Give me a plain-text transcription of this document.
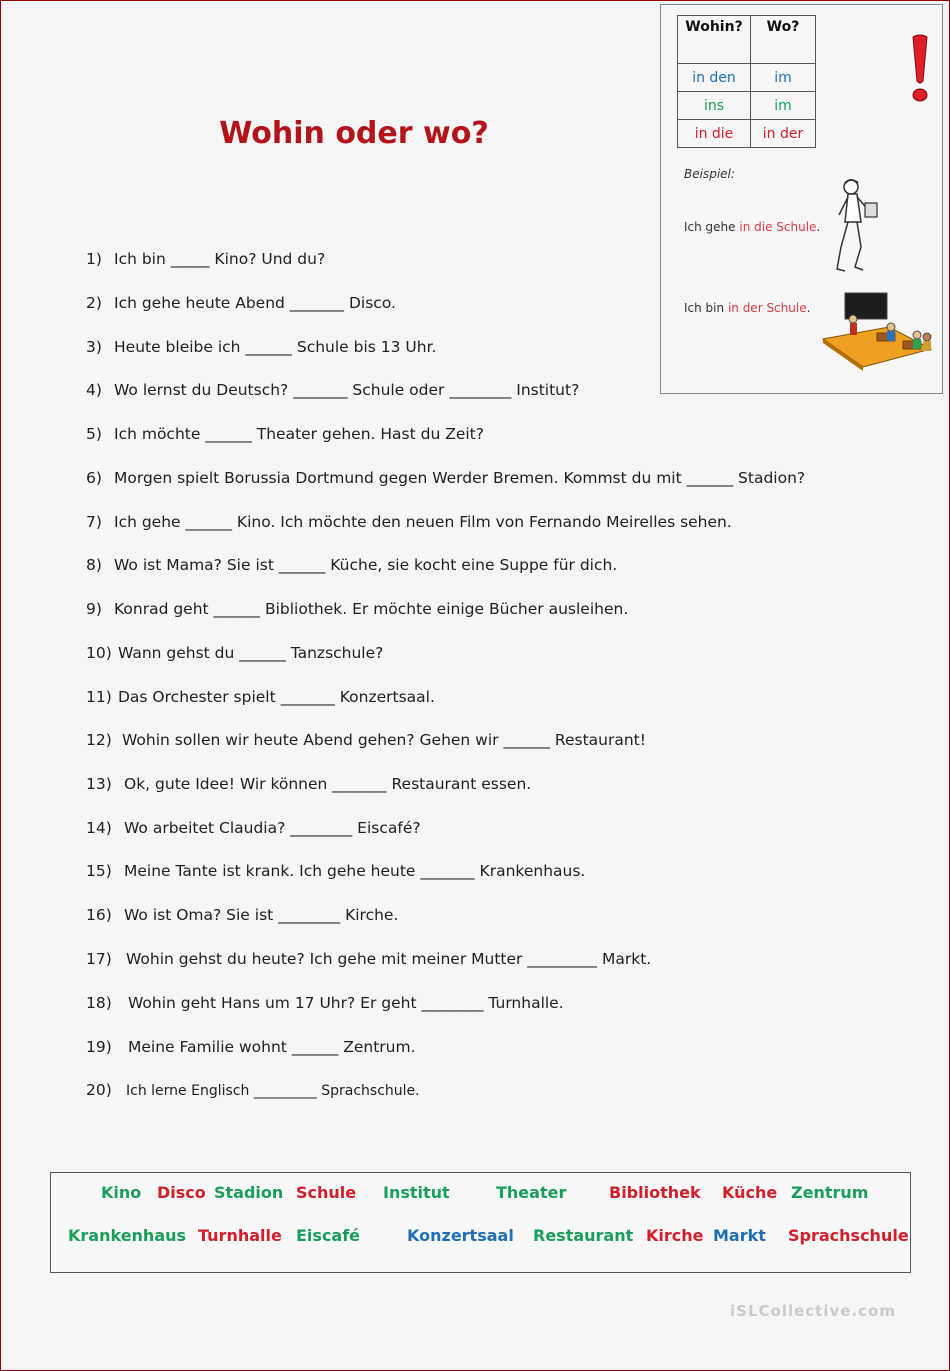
Wohin oder wo?
Wohin?	Wo?
in den	im
ins	im
in die	in der
Beispiel:
Ich gehe in die Schule.
Ich bin in der Schule.
1) Ich bin _____ Kino? Und du?
2) Ich gehe heute Abend _______ Disco.
3) Heute bleibe ich ______ Schule bis 13 Uhr.
4) Wo lernst du Deutsch? _______ Schule oder ________ Institut?
5) Ich möchte ______ Theater gehen. Hast du Zeit?
6) Morgen spielt Borussia Dortmund gegen Werder Bremen. Kommst du mit ______ Stadion?
7) Ich gehe ______ Kino. Ich möchte den neuen Film von Fernando Meirelles sehen.
8) Wo ist Mama? Sie ist ______ Küche, sie kocht eine Suppe für dich.
9) Konrad geht ______ Bibliothek. Er möchte einige Bücher ausleihen.
10) Wann gehst du ______ Tanzschule?
11) Das Orchester spielt _______ Konzertsaal.
12) Wohin sollen wir heute Abend gehen? Gehen wir ______ Restaurant!
13) Ok, gute Idee! Wir können _______ Restaurant essen.
14) Wo arbeitet Claudia? ________ Eiscafé?
15) Meine Tante ist krank. Ich gehe heute _______ Krankenhaus.
16) Wo ist Oma? Sie ist ________ Kirche.
17) Wohin gehst du heute? Ich gehe mit meiner Mutter _________ Markt.
18) Wohin geht Hans um 17 Uhr? Er geht ________ Turnhalle.
19) Meine Familie wohnt ______ Zentrum.
20) Ich lerne Englisch _________ Sprachschule.
Kino Disco Stadion Schule Institut	Theater	Bibliothek Küche Zentrum
Krankenhaus Turnhalle Eiscafé	Konzertsaal Restaurant Kirche Markt Sprachschule
iSLCollective.com
